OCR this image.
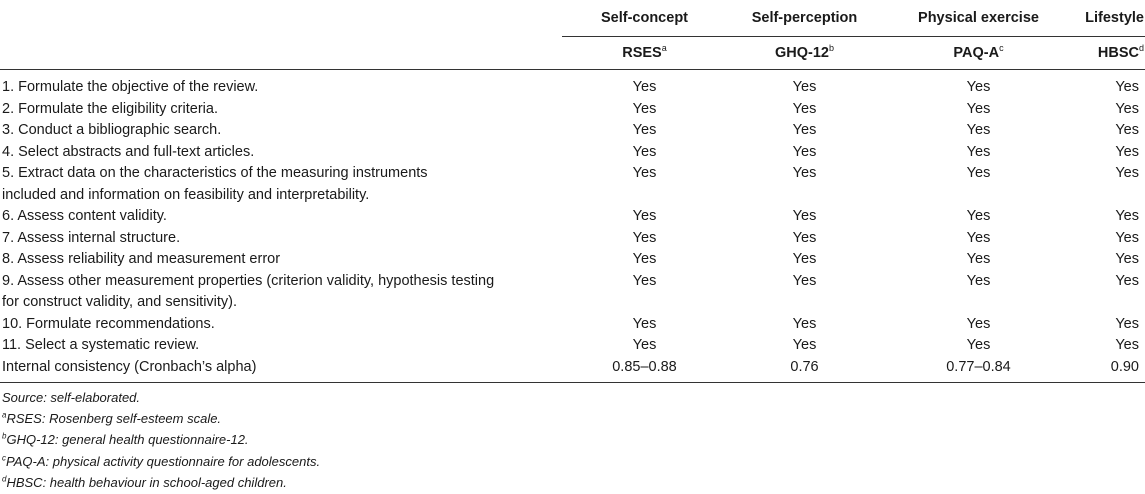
	Self-concept	Self-perception	Physical exercise	Lifestyle
	RSES$^a$	GHQ-12$^b$	PAQ-$A^c$	HBSC$^d$

1. Formulate the objective of the review.	Yes	Yes	Yes	Yes

2. Formulate the eligibility criteria.	Yes	Yes	Yes	Yes

3. Conduct a bibliographic search.	Yes	Yes	Yes	Yes

4. Select abstracts and full-text articles.	Yes	Yes	Yes	Yes

5. Extract data on the characteristics of the measuring instruments
included and information on feasibility and interpretability.	Yes	Yes	Yes	Yes

6. Assess content validity.	Yes	Yes	Yes	Yes

7. Assess internal structure.	Yes	Yes	Yes	Yes

8. Assess reliability and measurement error	Yes	Yes	Yes	Yes

9. Assess other measurement properties (criterion validity, hypothesis testing
for construct validity, and sensitivity).	Yes	Yes	Yes	Yes

10. Formulate recommendations.	Yes	Yes	Yes	Yes

11. Select a systematic review.	Yes	Yes	Yes	Yes

Internal consistency (Cronbach’s alpha)	0.85–0.88	0.76	0.77–0.84	0.90
Source: self-elaborated.
$^a$RSES: Rosenberg self-esteem scale.
$^b$GHQ-12: general health questionnaire-12.
$^c$PAQ-A: physical activity questionnaire for adolescents.
$^d$HBSC: health behaviour in school-aged children.
